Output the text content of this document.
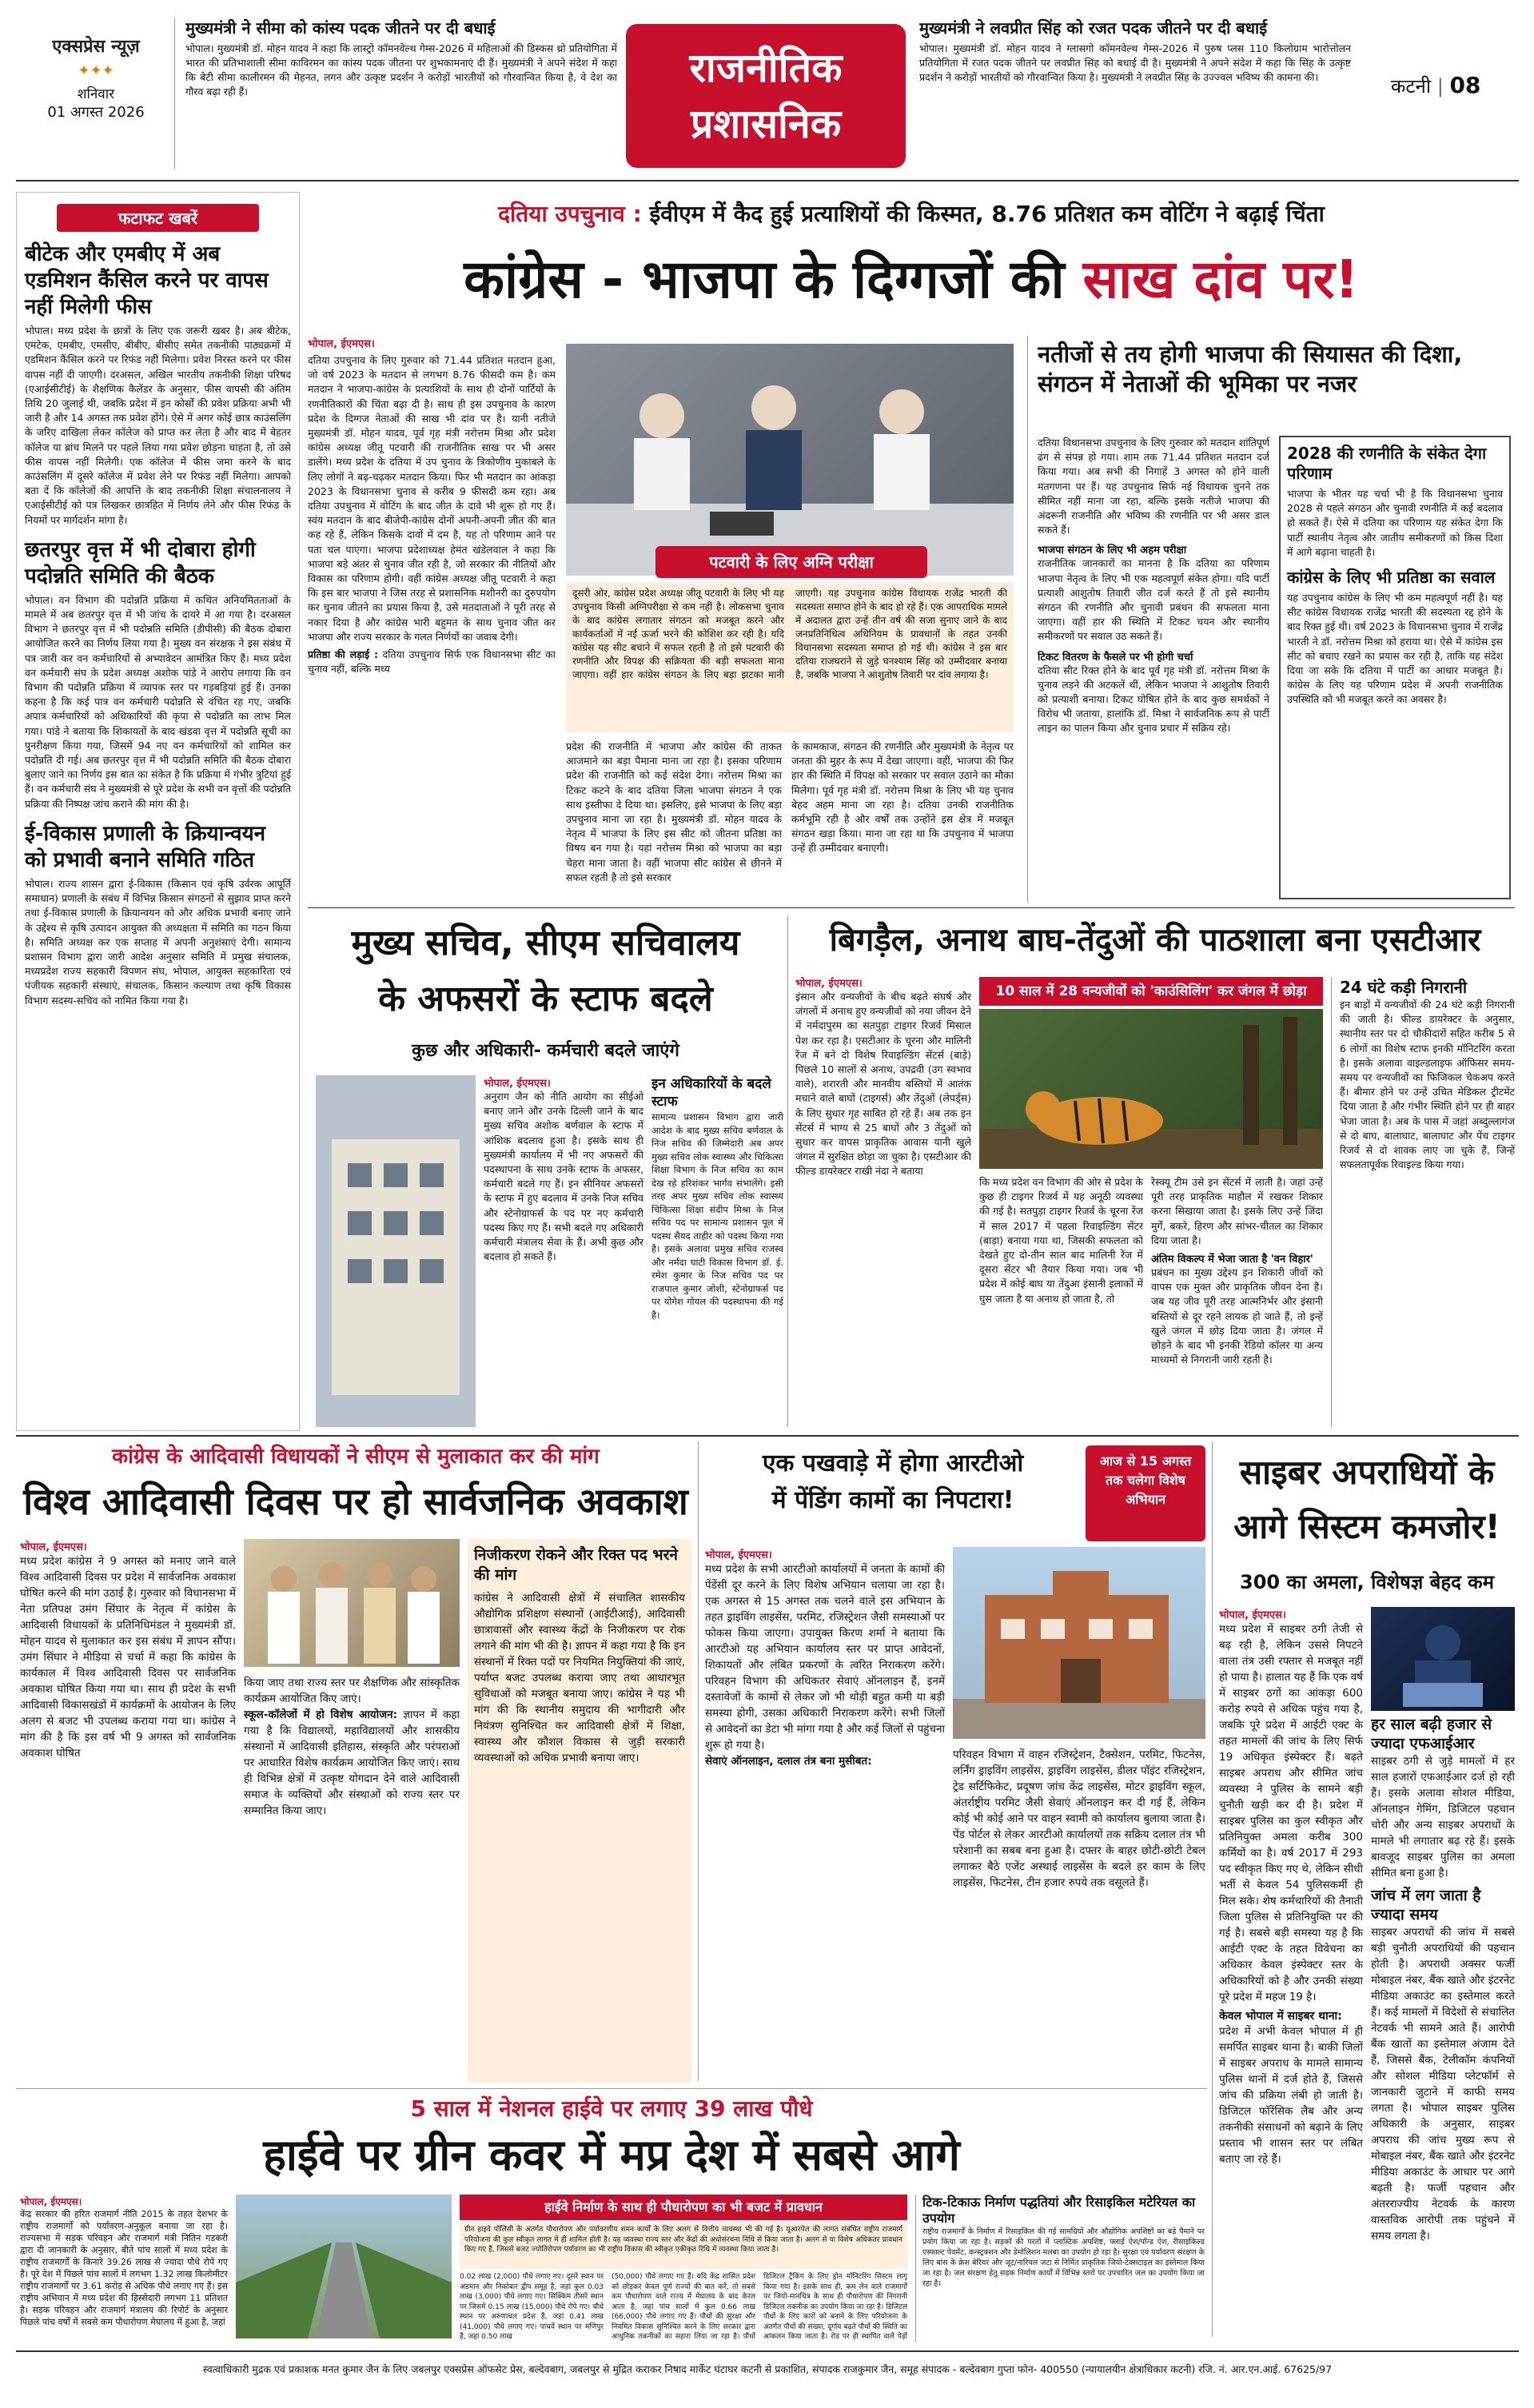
एक्सप्रेस न्यूज़
✦✦✦
शनिवार
01 अगस्त 2026
मुख्यमंत्री ने सीमा को कांस्य पदक जीतने पर दी बधाई
भोपाल। मुख्यमंत्री डॉ. मोहन यादव ने कहा कि लास्ट्रो कॉमनवेल्थ गेम्स-2026 में महिलाओं की डिस्कस थ्रो प्रतियोगिता में भारत की प्रतिभाशाली सीमा काविरमन का कांस्य पदक जीतना पर शुभकामनाएं दी हैं। मुख्यमंत्री ने अपने संदेश में कहा कि बेटी सीमा कालीरमन की मेहनत, लगन और उत्कृष्ट प्रदर्शन ने करोड़ों भारतीयों को गौरवान्वित किया है, वे देश का गौरव बढ़ा रही हैं।
राजनीतिक
प्रशासनिक
मुख्यमंत्री ने लवप्रीत सिंह को रजत पदक जीतने पर दी बधाई
भोपाल। मुख्यमंत्री डॉ. मोहन यादव ने ग्लासगो कॉमनवेल्थ गेम्स-2026 में पुरुष प्लस 110 किलोग्राम भारोत्तोलन प्रतियोगिता में रजत पदक जीतने पर लवप्रीत सिंह को बधाई दी है। मुख्यमंत्री ने अपने संदेश में कहा कि सिंह के उत्कृष्ट प्रदर्शन ने करोड़ों भारतीयों को गौरवान्वित किया है। मुख्यमंत्री ने लवप्रीत सिंह के उज्ज्वल भविष्य की कामना की।	कटनी | 08
फटाफट खबरें
बीटेक और एमबीए में अब एडमिशन कैंसिल करने पर वापस नहीं मिलेगी फीस
भोपाल। मध्य प्रदेश के छात्रों के लिए एक जरूरी खबर है। अब बीटेक, एमटेक, एमबीए, एमसीए, बीबीए, बीसीए समेत तकनीकी पाठ्यक्रमों में एडमिशन कैंसिल करने पर रिफंड नहीं मिलेगा। प्रवेश निरस्त करने पर फीस वापस नहीं दी जाएगी। दरअसल, अखिल भारतीय तकनीकी शिक्षा परिषद (एआईसीटीई) के शैक्षणिक कैलेंडर के अनुसार, फीस वापसी की अंतिम तिथि 20 जुलाई थी, जबकि प्रदेश में इन कोर्सों की प्रवेश प्रक्रिया अभी भी जारी है और 14 अगस्त तक प्रवेश होंगे। ऐसे में अगर कोई छात्र काउंसलिंग के जरिए दाखिला लेकर कॉलेज को प्राप्त कर लेता है और बाद में बेहतर कॉलेज या ब्रांच मिलने पर पहले लिया गया प्रवेश छोड़ना चाहता है, तो उसे फीस वापस नहीं मिलेगी। एक कॉलेज में फीस जमा करने के बाद काउंसलिंग में दूसरे कॉलेज में प्रवेश लेने पर रिफंड नहीं मिलेगा। आपको बता दें कि कॉलेजों की आपत्ति के बाद तकनीकी शिक्षा संचालनालय ने एआईसीटीई को पत्र लिखकर छात्रहित में निर्णय लेने और फीस रिफंड के नियमों पर मार्गदर्शन मांगा है।
छतरपुर वृत्त में भी दोबारा होगी पदोन्नति समिति की बैठक
भोपाल। वन विभाग की पदोन्नति प्रक्रिया में कथित अनियमितताओं के मामले में अब छतरपुर वृत्त में भी जांच के दायरे में आ गया है। दरअसल विभाग ने छतरपुर वृत्त में भी पदोन्नति समिति (डीपीसी) की बैठक दोबारा आयोजित करने का निर्णय लिया गया है। मुख्य वन संरक्षक ने इस संबंध में पत्र जारी कर वन कर्मचारियों से अभ्यावेदन आमंत्रित किए हैं। मध्य प्रदेश वन कर्मचारी संघ के प्रदेश अध्यक्ष अशोक पांडे ने आरोप लगाया कि वन विभाग की पदोन्नति प्रक्रिया में व्यापक स्तर पर गड़बड़ियां हुई हैं। उनका कहना है कि कई पात्र वन कर्मचारी पदोन्नति से वंचित रह गए, जबकि अपात्र कर्मचारियों को अधिकारियों की कृपा से पदोन्नति का लाभ मिल गया। पांडे ने बताया कि शिकायतों के बाद खंडवा वृत्त में पदोन्नति सूची का पुनरीक्षण किया गया, जिसमें 94 नए वन कर्मचारियों को शामिल कर पदोन्नति दी गई। अब छतरपुर वृत्त में भी पदोन्नति समिति की बैठक दोबारा बुलाए जाने का निर्णय इस बात का संकेत है कि प्रक्रिया में गंभीर त्रुटियां हुई हैं। वन कर्मचारी संघ ने मुख्यमंत्री से पूरे प्रदेश के सभी वन वृत्तों की पदोन्नति प्रक्रिया की निष्पक्ष जांच कराने की मांग की है।
ई-विकास प्रणाली के क्रियान्वयन को प्रभावी बनाने समिति गठित
भोपाल। राज्य शासन द्वारा ई-विकास (किसान एवं कृषि उर्वरक आपूर्ति समाधान) प्रणाली के संबंध में विभिन्न किसान संगठनों से सुझाव प्राप्त करने तथा ई-विकास प्रणाली के क्रियान्वयन को और अधिक प्रभावी बनाए जाने के उद्देश्य से कृषि उत्पादन आयुक्त की अध्यक्षता में समिति का गठन किया है। समिति अध्यक्ष कर एक सप्ताह में अपनी अनुशंसाएं देगी। सामान्य प्रशासन विभाग द्वारा जारी आदेश अनुसार समिति में प्रमुख संचालक, मध्यप्रदेश राज्य सहकारी विपणन संघ, भोपाल, आयुक्त सहकारिता एवं पंजीयक सहकारी संस्थाएं, संचालक, किसान कल्याण तथा कृषि विकास विभाग सदस्य-सचिव को नामित किया गया है।
दतिया उपचुनाव : ईवीएम में कैद हुई प्रत्याशियों की किस्मत, 8.76 प्रतिशत कम वोटिंग ने बढ़ाई चिंता
कांग्रेस - भाजपा के दिग्गजों की साख दांव पर!
भोपाल, ईएमएस।
दतिया उपचुनाव के लिए गुरुवार को 71.44 प्रतिशत मतदान हुआ, जो वर्ष 2023 के मतदान से लगभग 8.76 फीसदी कम है। कम मतदान ने भाजपा-कांग्रेस के प्रत्याशियों के साथ ही दोनों पार्टियों के रणनीतिकारों की चिंता बढ़ा दी है। साथ ही इस उपचुनाव के कारण प्रदेश के दिग्गज नेताओं की साख भी दांव पर है। यानी नतीजे मुख्यमंत्री डॉ. मोहन यादव, पूर्व गृह मंत्री नरोत्तम मिश्रा और प्रदेश कांग्रेस अध्यक्ष जीतू पटवारी की राजनीतिक साख पर भी असर डालेंगे। मध्य प्रदेश के दतिया में उप चुनाव के त्रिकोणीय मुकाबले के लिए लोगों ने बढ़-चढ़कर मतदान किया। फिर भी मतदान का आंकड़ा 2023 के विधानसभा चुनाव से करीब 9 फीसदी कम रहा। अब दतिया उपचुनाव में वोटिंग के बाद जीत के दावे भी शुरू हो गए हैं। स्वंय मतदान के बाद बीजेपी-कांग्रेस दोनों अपनी-अपनी जीत की बात कह रहे हैं, लेकिन किसके दावों में दम है, यह तो परिणाम आने पर पता चल पाएगा। भाजपा प्रदेशाध्यक्ष हेमंत खंडेलवाल ने कहा कि भाजपा बड़े अंतर से चुनाव जीत रही है, जो सरकार की नीतियों और विकास का परिणाम होगी। वहीं कांग्रेस अध्यक्ष जीतू पटवारी ने कहा कि इस बार भाजपा ने जिस तरह से प्रशासनिक मशीनरी का दुरुपयोग कर चुनाव जीतने का प्रयास किया है, उसे मतदाताओं ने पूरी तरह से नकार दिया है और कांग्रेस भारी बहुमत के साथ चुनाव जीत कर भाजपा और राज्य सरकार के गलत निर्णयों का जवाब देगी।
प्रतिष्ठा की लड़ाई : दतिया उपचुनाव सिर्फ एक विधानसभा सीट का चुनाव नहीं, बल्कि मध्य
पटवारी के लिए अग्नि परीक्षा
दूसरी ओर, कांग्रेस प्रदेश अध्यक्ष जीतू पटवारी के लिए भी यह उपचुनाव किसी अग्निपरीक्षा से कम नहीं है। लोकसभा चुनाव के बाद कांग्रेस लगातार संगठन को मजबूत करने और कार्यकर्ताओं में नई ऊर्जा भरने की कोशिश कर रही है। यदि कांग्रेस यह सीट बचाने में सफल रहती है तो इसे पटवारी की रणनीति और विपक्ष की सक्रियता की बड़ी सफलता माना जाएगा। वहीं हार कांग्रेस संगठन के लिए बड़ा झटका मानी जाएगी। यह उपचुनाव कांग्रेस विधायक राजेंद्र भारती की सदस्यता समाप्त होने के बाद हो रहे हैं। एक आपराधिक मामले में अदालत द्वारा उन्हें तीन वर्ष की सजा सुनाए जाने के बाद जनप्रतिनिधित्व अधिनियम के प्रावधानों के तहत उनकी विधानसभा सदस्यता समाप्त हो गई थी। कांग्रेस ने इस बार दतिया राजघराने से जुड़े घनश्याम सिंह को उम्मीदवार बनाया है, जबकि भाजपा ने आशुतोष तिवारी पर दांव लगाया है।
प्रदेश की राजनीति में भाजपा और कांग्रेस की ताकत आजमाने का बड़ा पैमाना माना जा रहा है। इसका परिणाम प्रदेश की राजनीति को कई संदेश देगा। नरोत्तम मिश्रा का टिकट कटने के बाद दतिया जिला भाजपा संगठन ने एक साथ इस्तीफा दे दिया था। इसलिए, इसे भाजपा के लिए बड़ा उपचुनाव माना जा रहा है। मुख्यमंत्री डॉ. मोहन यादव के नेतृत्व में भाजपा के लिए इस सीट को जीतना प्रतिष्ठा का विषय बन गया है। यहां नरोत्तम मिश्रा को भाजपा का बड़ा चेहरा माना जाता है। वहीं भाजपा सीट कांग्रेस से छीनने में सफल रहती है तो इसे सरकार
के कामकाज, संगठन की रणनीति और मुख्यमंत्री के नेतृत्व पर जनता की मुहर के रूप में देखा जाएगा। वहीं, भाजपा की फिर हार की स्थिति में विपक्ष को सरकार पर सवाल उठाने का मौका मिलेगा। पूर्व गृह मंत्री डॉ. नरोत्तम मिश्रा के लिए भी यह चुनाव बेहद अहम माना जा रहा है। दतिया उनकी राजनीतिक कर्मभूमि रही है और वर्षों तक उन्होंने इस क्षेत्र में मजबूत संगठन खड़ा किया। माना जा रहा था कि उपचुनाव में भाजपा उन्हें ही उम्मीदवार बनाएगी।
नतीजों से तय होगी भाजपा की सियासत की दिशा, संगठन में नेताओं की भूमिका पर नजर
दतिया विधानसभा उपचुनाव के लिए गुरुवार को मतदान शांतिपूर्ण ढंग से संपन्न हो गया। शाम तक 71.44 प्रतिशत मतदान दर्ज किया गया। अब सभी की निगाहें 3 अगस्त को होने वाली मतगणना पर हैं। यह उपचुनाव सिर्फ नई विधायक चुनने तक सीमित नहीं माना जा रहा, बल्कि इसके नतीजे भाजपा की अंदरूनी राजनीति और भविष्य की रणनीति पर भी असर डाल सकते हैं।
भाजपा संगठन के लिए भी अहम परीक्षा
राजनीतिक जानकारों का मानना है कि दतिया का परिणाम भाजपा नेतृत्व के लिए भी एक महत्वपूर्ण संकेत होगा। यदि पार्टी प्रत्याशी आशुतोष तिवारी जीत दर्ज करते हैं तो इसे स्थानीय संगठन की रणनीति और चुनावी प्रबंधन की सफलता माना जाएगा। वहीं हार की स्थिति में टिकट चयन और स्थानीय समीकरणों पर सवाल उठ सकते हैं।
टिकट वितरण के फैसले पर भी होगी चर्चा
दतिया सीट रिक्त होने के बाद पूर्व गृह मंत्री डॉ. नरोत्तम मिश्रा के चुनाव लड़ने की अटकलें थीं, लेकिन भाजपा ने आशुतोष तिवारी को प्रत्याशी बनाया। टिकट घोषित होने के बाद कुछ समर्थकों ने विरोध भी जताया, हालांकि डॉ. मिश्रा ने सार्वजनिक रूप से पार्टी लाइन का पालन किया और चुनाव प्रचार में सक्रिय रहे।
2028 की रणनीति के संकेत देगा परिणाम
भाजपा के भीतर यह चर्चा भी है कि विधानसभा चुनाव 2028 से पहले संगठन और चुनावी रणनीति में कई बदलाव हो सकते हैं। ऐसे में दतिया का परिणाम यह संकेत देगा कि पार्टी स्थानीय नेतृत्व और जातीय समीकरणों को किस दिशा में आगे बढ़ाना चाहती है।
कांग्रेस के लिए भी प्रतिष्ठा का सवाल
यह उपचुनाव कांग्रेस के लिए भी कम महत्वपूर्ण नहीं है। यह सीट कांग्रेस विधायक राजेंद्र भारती की सदस्यता रद्द होने के बाद रिक्त हुई थी। वर्ष 2023 के विधानसभा चुनाव में राजेंद्र भारती ने डॉ. नरोत्तम मिश्रा को हराया था। ऐसे में कांग्रेस इस सीट को बचाए रखने का प्रयास कर रही है, ताकि यह संदेश दिया जा सके कि दतिया में पार्टी का आधार मजबूत है। कांग्रेस के लिए यह परिणाम प्रदेश में अपनी राजनीतिक उपस्थिति को भी मजबूत करने का अवसर है।
मुख्य सचिव, सीएम सचिवालय
के अफसरों के स्टाफ बदले
कुछ और अधिकारी- कर्मचारी बदले जाएंगे
भोपाल, ईएमएस।
अनुराग जैन को नीति आयोग का सीईओ बनाए जाने और उनके दिल्ली जाने के बाद मुख्य सचिव अशोक बर्णवाल के स्टाफ में आंशिक बदलाव हुआ है। इसके साथ ही मुख्यमंत्री कार्यालय में भी नए अफसरों की पदस्थापना के साथ उनके स्टाफ के अफसर, कर्मचारी बदले गए हैं। इन सीनियर अफसरों के स्टाफ में हुए बदलाव में उनके निज सचिव और स्टेनोग्राफर्स के पद पर नए कर्मचारी पदस्थ किए गए हैं। सभी बदले गए अधिकारी कर्मचारी मंत्रालय सेवा के हैं। अभी कुछ और बदलाव हो सकते हैं।
इन अधिकारियों के बदले स्टाफ
सामान्य प्रशासन विभाग द्वारा जारी आदेश के बाद मुख्य सचिव बर्णवाल के निज सचिव की जिम्मेदारी अब अपर मुख्य सचिव लोक स्वास्थ्य और चिकित्सा शिक्षा विभाग के निज सचिव का काम देख रहे हरिशंकर भार्गव संभालेंगे। इसी तरह अपर मुख्य सचिव लोक स्वास्थ्य चिकित्सा शिक्षा संदीप मिश्रा के निज सचिव पद पर सामान्य प्रशासन पूल में पदस्थ सैयद ताहीर को पदस्थ किया गया है। इसके अलावा प्रमुख सचिव राजस्व और नर्मदा घाटी विकास विभाग डॉ. ई. रमेश कुमार के निज सचिव पद पर राजपाल कुमार जोशी, स्टेनोग्राफर्स पद पर योगेश गोयल की पदस्थापना की गई है।
बिगड़ैल, अनाथ बाघ-तेंदुओं की पाठशाला बना एसटीआर
भोपाल, ईएमएस।
इंसान और वन्यजीवों के बीच बढ़ते संघर्ष और जंगलों में अनाथ हुए वन्यजीवों को नया जीवन देने में नर्मदापुरम का सतपुड़ा टाइगर रिजर्व मिसाल पेश कर रहा है। एसटीआर के चूरना और मालिनी रेंज में बने दो विशेष रिवाइल्डिंग सेंटर्स (बाड़े) पिछले 10 सालों से अनाथ, उपद्रवी (उग स्वभाव वाले), शरारती और मानवीय बस्तियों में आतंक मचाने वाले बाघों (टाइगर्स) और तेंदुओं (लेपर्ड्स) के लिए सुधार गृह साबित हो रहे हैं। अब तक इन सेंटर्स में भाग्य से 25 बाघों और 3 तेंदुओं को सुधार कर वापस प्राकृतिक आवास यानी खुले जंगल में सुरक्षित छोड़ा जा चुका है। एसटीआर की फील्ड डायरेक्टर राखी नंदा ने बताया
10 साल में 28 वन्यजीवों को 'काउंसिलिंग' कर जंगल में छोड़ा
कि मध्य प्रदेश वन विभाग की ओर से प्रदेश के कुछ ही टाइगर रिजर्व में यह अनूठी व्यवस्था की गई है। सतपुड़ा टाइगर रिजर्व के चूरना रेंज में साल 2017 में पहला रिवाइल्डिंग सेंटर (बाड़ा) बनाया गया था, जिसकी सफलता को देखते हुए दो-तीन साल बाद मालिनी रेंज में दूसरा सेंटर भी तैयार किया गया। जब भी प्रदेश में कोई बाघ या तेंदुआ इंसानी इलाकों में घुस जाता है या अनाथ हो जाता है, तो
रेस्क्यू टीम उसे इन सेंटर्स में लाती है। जहां उन्हें पूरी तरह प्राकृतिक माहौल में रखकर शिकार करना सिखाया जाता है। इसके लिए उन्हें जिंदा मुर्गे, बकरे, हिरण और सांभर-चीतल का शिकार दिया जाता है।
अंतिम विकल्प में भेजा जाता है 'वन विहार'
प्रबंधन का मुख्य उद्देश्य इन शिकारी जीवों को वापस एक मुक्त और प्राकृतिक जीवन देना है। जब यह जीव पूरी तरह आत्मनिर्भर और इंसानी बस्तियों से दूर रहने लायक हो जाते हैं, तो इन्हें खुले जंगल में छोड़ दिया जाता है। जंगल में छोड़ने के बाद भी इनकी रेडियो कॉलर या अन्य माध्यमों से निगरानी जारी रहती है।
24 घंटे कड़ी निगरानी
इन बाड़ों में वन्यजीवों की 24 घंटे कड़ी निगरानी की जाती है। फील्ड डायरेक्टर के अनुसार, स्थानीय स्तर पर दो चौकीदारों सहित करीब 5 से 6 लोगों का विशेष स्टाफ इनकी मॉनिटरिंग करता है। इसके अलावा वाइल्डलाइफ ऑफिसर समय-समय पर वन्यजीवों का फिजिकल चेकअप करते हैं। बीमार होने पर उन्हें उचित मेडिकल ट्रीटमेंट दिया जाता है और गंभीर स्थिति होने पर ही बाहर भेजा जाता है। अब के पास में जहां अब्दुल्लागंज से दो बाघ, बालाघाट, बालाघाट और पेंच टाइगर रिजर्व से दो शावक लाए जा चुके हैं, जिन्हें सफलतापूर्वक रिवाइल्ड किया गया।
कांग्रेस के आदिवासी विधायकों ने सीएम से मुलाकात कर की मांग
विश्व आदिवासी दिवस पर हो सार्वजनिक अवकाश
भोपाल, ईएमएस।
मध्य प्रदेश कांग्रेस ने 9 अगस्त को मनाए जाने वाले विश्व आदिवासी दिवस पर प्रदेश में सार्वजनिक अवकाश घोषित करने की मांग उठाई है। गुरुवार को विधानसभा में नेता प्रतिपक्ष उमंग सिंघार के नेतृत्व में कांग्रेस के आदिवासी विधायकों के प्रतिनिधिमंडल ने मुख्यमंत्री डॉ. मोहन यादव से मुलाकात कर इस संबंध में ज्ञापन सौंपा। उमंग सिंघार ने मीडिया से चर्चा में कहा कि कांग्रेस के कार्यकाल में विश्व आदिवासी दिवस पर सार्वजनिक अवकाश घोषित किया गया था। साथ ही प्रदेश के सभी आदिवासी विकासखंडों में कार्यक्रमों के आयोजन के लिए अलग से बजट भी उपलब्ध कराया गया था। कांग्रेस ने मांग की है कि इस वर्ष भी 9 अगस्त को सार्वजनिक अवकाश घोषित
किया जाए तथा राज्य स्तर पर शैक्षणिक और सांस्कृतिक कार्यक्रम आयोजित किए जाएं।
स्कूल-कॉलेजों में हो विशेष आयोजन: ज्ञापन में कहा गया है कि विद्यालयों, महाविद्यालयों और शासकीय संस्थानों में आदिवासी इतिहास, संस्कृति और परंपराओं पर आधारित विशेष कार्यक्रम आयोजित किए जाएं। साथ ही विभिन्न क्षेत्रों में उत्कृष्ट योगदान देने वाले आदिवासी समाज के व्यक्तियों और संस्थाओं को राज्य स्तर पर सम्मानित किया जाए।
निजीकरण रोकने और रिक्त पद भरने की मांग
कांग्रेस ने आदिवासी क्षेत्रों में संचालित शासकीय औद्योगिक प्रशिक्षण संस्थानों (आईटीआई), आदिवासी छात्रावासों और स्वास्थ्य केंद्रों के निजीकरण पर रोक लगाने की मांग भी की है। ज्ञापन में कहा गया है कि इन संस्थानों में रिक्त पदों पर नियमित नियुक्तियां की जाएं, पर्याप्त बजट उपलब्ध कराया जाए तथा आधारभूत सुविधाओं को मजबूत बनाया जाए। कांग्रेस ने यह भी मांग की कि स्थानीय समुदाय की भागीदारी और नियंत्रण सुनिश्चित कर आदिवासी क्षेत्रों में शिक्षा, स्वास्थ्य और कौशल विकास से जुड़ी सरकारी व्यवस्थाओं को अधिक प्रभावी बनाया जाए।
एक पखवाड़े में होगा आरटीओ
में पेंडिंग कामों का निपटारा!
आज से 15 अगस्त तक चलेगा विशेष अभियान
भोपाल, ईएमएस।
मध्य प्रदेश के सभी आरटीओ कार्यालयों में जनता के कामों की पेंडेंसी दूर करने के लिए विशेष अभियान चलाया जा रहा है। एक अगस्त से 15 अगस्त तक चलने वाले इस अभियान के तहत ड्राइविंग लाइसेंस, परमिट, रजिस्ट्रेशन जैसी समस्याओं पर फोकस किया जाएगा। उपायुक्त किरण शर्मा ने बताया कि आरटीओ यह अभियान कार्यालय स्तर पर प्राप्त आवेदनों, शिकायतों और लंबित प्रकरणों के त्वरित निराकरण करेंगे। परिवहन विभाग की अधिकतर सेवाएं ऑनलाइन हैं, इनमें दस्तावेजों के कामों से लेकर जो भी थोड़ी बहुत कमी या बड़ी समस्या होगी, उसका अधिकारी निराकरण करेंगे। सभी जिलों से आवेदनों का डेटा भी मांगा गया है और कई जिलों से पहुंचना शुरू हो गया है।
सेवाएं ऑनलाइन, दलाल तंत्र बना मुसीबत:	परिवहन विभाग में वाहन रजिस्ट्रेशन, टैक्सेशन, परमिट, फिटनेस, लर्निंग ड्राइविंग लाइसेंस, ड्राइविंग लाइसेंस, डीलर पॉइंट रजिस्ट्रेशन, ट्रेड सर्टिफिकेट, प्रदूषण जांच केंद्र लाइसेंस, मोटर ड्राइविंग स्कूल, अंतर्राष्ट्रीय परमिट जैसी सेवाएं ऑनलाइन कर दी गई हैं, लेकिन कोई भी कोई आने पर वाहन स्वामी को कार्यालय बुलाया जाता है। पेंड पोर्टल से लेकर आरटीओ कार्यालयों तक सक्रिय दलाल तंत्र भी परेशानी का सबब बना हुआ है। दफ्तर के बाहर छोटी-छोटी टेबल लगाकर बैठे एजेंट अस्थाई लाइसेंस के बदले हर काम के लिए लाइसेंस, फिटनेस, टीन हजार रुपये तक वसूलते हैं।
साइबर अपराधियों के
आगे सिस्टम कमजोर!
300 का अमला, विशेषज्ञ बेहद कम
भोपाल, ईएमएस।
मध्य प्रदेश में साइबर ठगी तेजी से बढ़ रही है, लेकिन उससे निपटने वाला तंत्र उसी रफ्तार से मजबूत नहीं हो पाया है। हालात यह हैं कि एक वर्ष में साइबर ठगों का आंकड़ा 600 करोड़ रुपये से अधिक पहुंच गया है, जबकि पूरे प्रदेश में आईटी एक्ट के तहत मामलों की जांच के लिए सिर्फ 19 अधिकृत इंस्पेक्टर हैं। बढ़ते साइबर अपराध और सीमित जांच व्यवस्था ने पुलिस के सामने बड़ी चुनौती खड़ी कर दी है। प्रदेश में साइबर पुलिस का कुल स्वीकृत और प्रतिनियुक्त अमला करीब 300 कर्मियों का है। वर्ष 2017 में 293 पद स्वीकृत किए गए थे, लेकिन सीधी भर्ती से केवल 54 पुलिसकर्मी ही मिल सके। शेष कर्मचारियों की तैनाती जिला पुलिस से प्रतिनियुक्ति पर की गई है। सबसे बड़ी समस्या यह है कि आईटी एक्ट के तहत विवेचना का अधिकार केवल इंस्पेक्टर स्तर के अधिकारियों को है और उनकी संख्या पूरे प्रदेश में महज 19 है।
केवल भोपाल में साइबर थाना:
प्रदेश में अभी केवल भोपाल में ही समर्पित साइबर थाना है। बाकी जिलों में साइबर अपराध के मामले सामान्य पुलिस थानों में दर्ज होते हैं, जिससे जांच की प्रक्रिया लंबी हो जाती है। डिजिटल फॉरेंसिक लैब और अन्य तकनीकी संसाधनों को बढ़ाने के लिए प्रस्ताव भी शासन स्तर पर लंबित बताए जा रहे हैं।
हर साल बढ़ी हजार से ज्यादा एफआईआर
साइबर ठगी से जुड़े मामलों में हर साल हजारों एफआईआर दर्ज हो रही हैं। इसके अलावा सोशल मीडिया, ऑनलाइन गेमिंग, डिजिटल पहचान चोरी और अन्य साइबर अपराधों के मामले भी लगातार बढ़ रहे हैं। इसके बावजूद साइबर पुलिस का अमला सीमित बना हुआ है।
जांच में लग जाता है ज्यादा समय
साइबर अपराधों की जांच में सबसे बड़ी चुनौती अपराधियों की पहचान होती है। अपराधी अक्सर फर्जी मोबाइल नंबर, बैंक खाते और इंटरनेट मीडिया अकाउंट का इस्तेमाल करते हैं। कई मामलों में विदेशों से संचालित नेटवर्क भी सामने आते हैं। आरोपी बैंक खातों का इस्तेमाल अंजाम देते हैं, जिससे बैंक, टेलीकॉम कंपनियों और सोशल मीडिया प्लेटफॉर्म से जानकारी जुटाने में काफी समय लगता है। भोपाल साइबर पुलिस अधिकारी के अनुसार, साइबर अपराध की जांच मुख्य रूप से मोबाइल नंबर, बैंक खाते और इंटरनेट मीडिया अकाउंट के आधार पर आगे बढ़ती है। फर्जी पहचान और अंतरराज्यीय नेटवर्क के कारण वास्तविक आरोपी तक पहुंचने में समय लगता है।
5 साल में नेशनल हाईवे पर लगाए 39 लाख पौधे
हाईवे पर ग्रीन कवर में मप्र देश में सबसे आगे
भोपाल, ईएमएस।
केंद्र सरकार की हरित राजमार्ग नीति 2015 के तहत देशभर के राष्ट्रीय राजमार्गों को पर्यावरण-अनुकूल बनाया जा रहा है। राज्यसभा में सड़क परिवहन और राजमार्ग मंत्री नितिन गडकरी द्वारा दी जानकारी के अनुसार, बीते पांच सालों में मध्य प्रदेश के राष्ट्रीय राजमार्गों के किनारे 39.26 लाख से ज्यादा पौधे रोपे गए हैं। पूरे देश में पिछले पांच सालों में लगभग 1.32 लाख किलोमीटर राष्ट्रीय राजमार्गों पर 3.61 करोड़ से अधिक पौधे लगाए गए हैं। इस राष्ट्रीय अभियान में मध्य प्रदेश की हिस्सेदारी लगभग 11 प्रतिशत है। सड़क परिवहन और राजमार्ग मंत्रालय की रिपोर्ट के अनुसार पिछले पांच वर्षों में सबसे कम पौधारोपण मेघालय में हुआ है, जहां
हाईवे निर्माण के साथ ही पौधारोपण का भी बजट में प्रावधान
ग्रीन हाइवे पॉलिसी के अंतर्गत पौधारोपण और पर्यावरणीय शमन कार्यों के लिए अलग से वित्तीय व्यवस्था भी की गई है। यूआरपेल की लागत संबंधित राष्ट्रीय राजमार्ग परियोजना की कुल स्वीकृत लागत में ही शामिल होती है। यह व्यवस्था राज्य स्तर और केंद्रों की अधोसंरचना निधि से किया जाता है। अलग से या विशेष अधिकतर प्रावधान किए गए हैं, जिससे बजट ज्योतिरोपण पर्यावरण का भी राष्ट्रीय विकास की स्वीकृत एकीकृत रिथि में व्यवस्था किया जाता है।
0.02 लाख (2,000) पौधे लगाए गए। दूसरे स्थान पर अंडमान और निकोबार द्वीप समूह है, जहां कुल 0.03 लाख (3,000) पौधे लगाए गए। सिक्किम तीसरे स्थान पर जिसमें 0.15 लाख (15,000) पौधे रोपे गए। चौथे स्थान पर अरुणाचल प्रदेश है, जहां 0.41 लाख (41,000) पौधे लगाए गए। पांचवें स्थान पर मणिपुर है, जहां 0.50 लाख
(50,000) पौधे लगाए गए हैं। यदि केंद्र शासित प्रदेश को छोड़कर केवल पूर्ण राज्यों की बात करें, तो सबसे कम पौधारोपण वाले राज्य में मेघालय के बाद केरल आता है, जहां पांच सालों में कुल 0.66 लाख (66,000) पौधे लगाए गए हैं। पौधों की सुरक्षा और नियमित विकास सुनिश्चित करने के लिए सरकार द्वारा आधुनिक तकनीकों का सहारा लिया जा रहा है। पौधों
डिजिटल ट्रैकिंग के लिए ड्रोन मॉनिटरिंग सिस्टम लागू किया गया है। इसके साथ ही, कम लेन वाले राजमार्गों पर जियो-मानचित्र के साथ ही पौधारोपण की निगरानी डिजिटल तकनीक का उपयोग किया जा रहा है। डिजिटल पौधों के लिए कारों को बनाने के लिए परियोजना के अंतर्गत पौधों की संख्या, दूर्गाव बढ़ते पौधों की स्थिति का आंकलन किया जाता है। रोड पर ही स्थापित वाले पेड़ों
टिक-टिकाऊ निर्माण पद्धतियां और रिसाइकिल मटेरियल का उपयोग
राष्ट्रीय राजमार्गों के निर्माण में रिसाइकिल की गई सामग्रियों और औद्योगिक अपशिष्टों का बड़े पैमाने पर प्रयोग किया जा रहा है। सड़कों की परतों में प्लास्टिक अपशिष्ट, फ्लाई ऐश/पॉन्ड ऐश, रीसाइकिल्ड एस्फाल्ट पेवमेंट, कन्स्ट्रक्शन और डेमोलिशन मलबा का उपयोग हो रहा है। सुरक्षा एवं पर्यावरण संरक्षण के लिए बांस के क्रेश बेरियर और जूट/नारियल जटा से निर्मित प्राकृतिक जियो-टेक्सटाइल का इस्तेमाल किया जा रहा है। जल संरक्षण हेतु सड़क निर्माण कार्यों में विभिन्न स्तरों पर उपचारित जल का उपयोग किया जा रहा है।
स्वत्वाधिकारी मुद्रक एवं प्रकाशक मनत कुमार जैन के लिए जबलपुर एक्सप्रेस ऑफसेट प्रेस, बल्देवबाग, जबलपुर से मुद्रित कराकर निषाद मार्केट घंटाघर कटनी से प्रकाशित, संपादक राजकुमार जैन, समूह संपादक - बल्देवबाग गुप्ता फोन- 400550 (न्यायालयीन क्षेत्राधिकार कटनी) रजि. नं. आर.एन.आई. 67625/97
